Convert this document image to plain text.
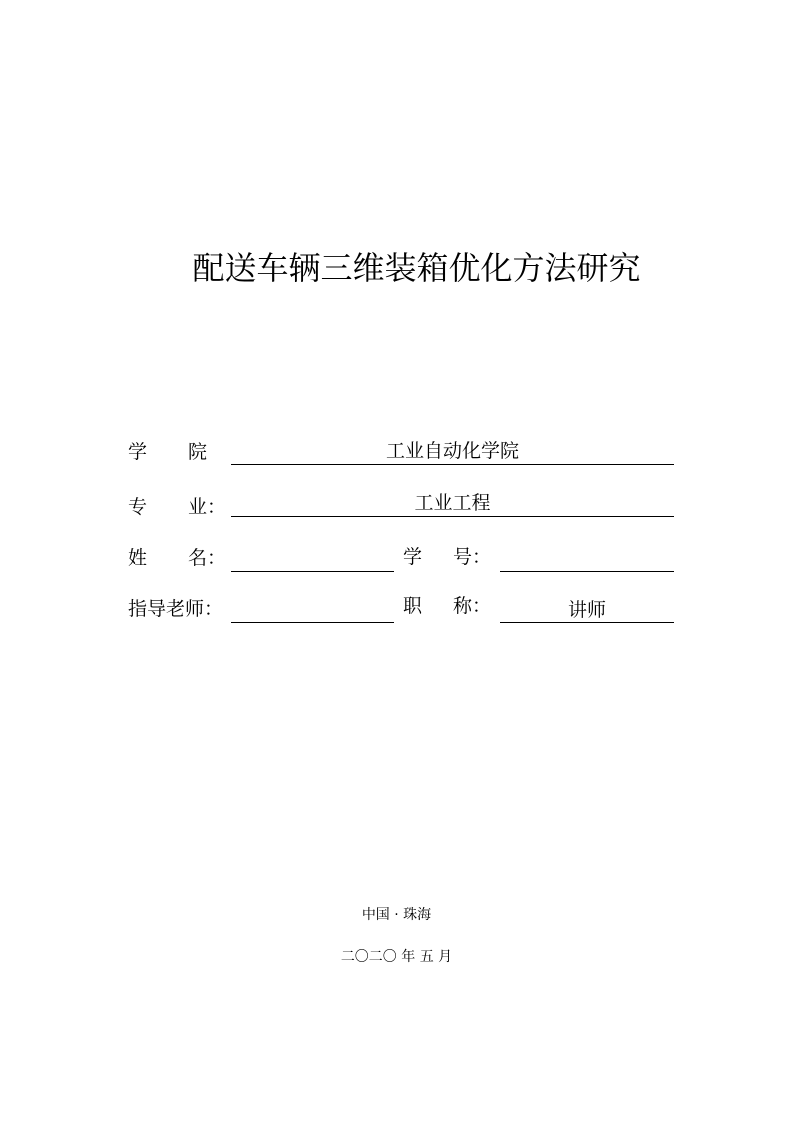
配送车辆三维装箱优化方法研究
学 院	工业自动化学院
专 业：	工业工程
姓 名：	学 号：
指导老师：	职 称：	讲师
中国 · 珠海
二〇二〇 年 五 月
